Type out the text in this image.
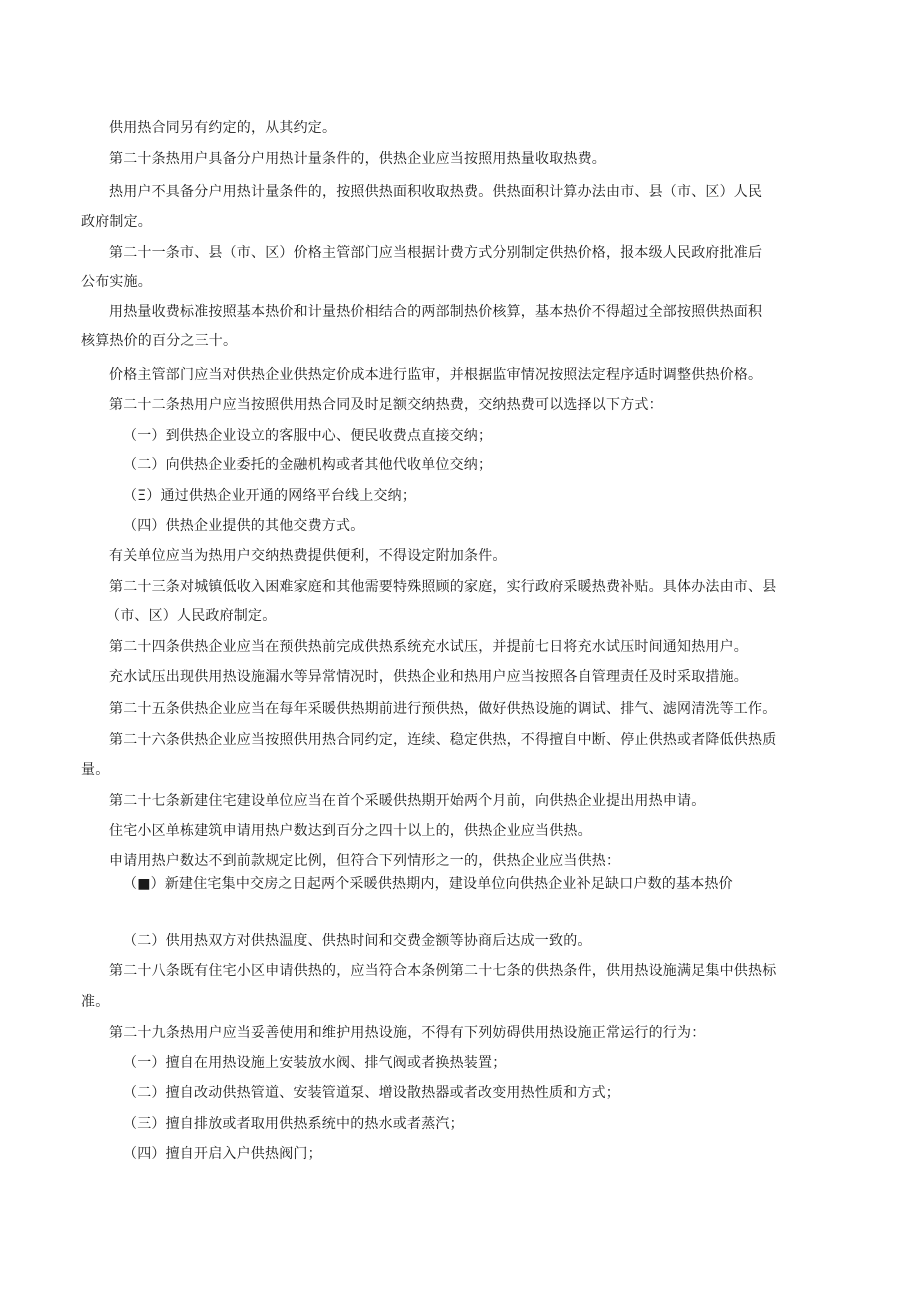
供用热合同另有约定的，从其约定。
第二十条热用户具备分户用热计量条件的，供热企业应当按照用热量收取热费。
热用户不具备分户用热计量条件的，按照供热面积收取热费。供热面积计算办法由市、县（市、区）人民
政府制定。
第二十一条市、县（市、区）价格主管部门应当根据计费方式分别制定供热价格，报本级人民政府批准后
公布实施。
用热量收费标准按照基本热价和计量热价相结合的两部制热价核算，基本热价不得超过全部按照供热面积
核算热价的百分之三十。
价格主管部门应当对供热企业供热定价成本进行监审，并根据监审情况按照法定程序适时调整供热价格。
第二十二条热用户应当按照供用热合同及时足额交纳热费，交纳热费可以选择以下方式：
（一）到供热企业设立的客服中心、便民收费点直接交纳；
（二）向供热企业委托的金融机构或者其他代收单位交纳；
（Ξ）通过供热企业开通的网络平台线上交纳；
（四）供热企业提供的其他交费方式。
有关单位应当为热用户交纳热费提供便利，不得设定附加条件。
第二十三条对城镇低收入困难家庭和其他需要特殊照顾的家庭，实行政府采暖热费补贴。具体办法由市、县
（市、区）人民政府制定。
第二十四条供热企业应当在预供热前完成供热系统充水试压，并提前七日将充水试压时间通知热用户。
充水试压出现供用热设施漏水等异常情况时，供热企业和热用户应当按照各自管理责任及时采取措施。
第二十五条供热企业应当在每年采暖供热期前进行预供热，做好供热设施的调试、排气、滤网清洗等工作。
第二十六条供热企业应当按照供用热合同约定，连续、稳定供热，不得擅自中断、停止供热或者降低供热质
量。
第二十七条新建住宅建设单位应当在首个采暖供热期开始两个月前，向供热企业提出用热申请。
住宅小区单栋建筑申请用热户数达到百分之四十以上的，供热企业应当供热。
申请用热户数达不到前款规定比例，但符合下列情形之一的，供热企业应当供热：
（■）新建住宅集中交房之日起两个采暖供热期内，建设单位向供热企业补足缺口户数的基本热价
（二）供用热双方对供热温度、供热时间和交费金额等协商后达成一致的。
第二十八条既有住宅小区申请供热的，应当符合本条例第二十七条的供热条件，供用热设施满足集中供热标
准。
第二十九条热用户应当妥善使用和维护用热设施，不得有下列妨碍供用热设施正常运行的行为：
（一）擅自在用热设施上安装放水阀、排气阀或者换热装置；
（二）擅自改动供热管道、安装管道泵、增设散热器或者改变用热性质和方式；
（三）擅自排放或者取用供热系统中的热水或者蒸汽；
（四）擅自开启入户供热阀门；
